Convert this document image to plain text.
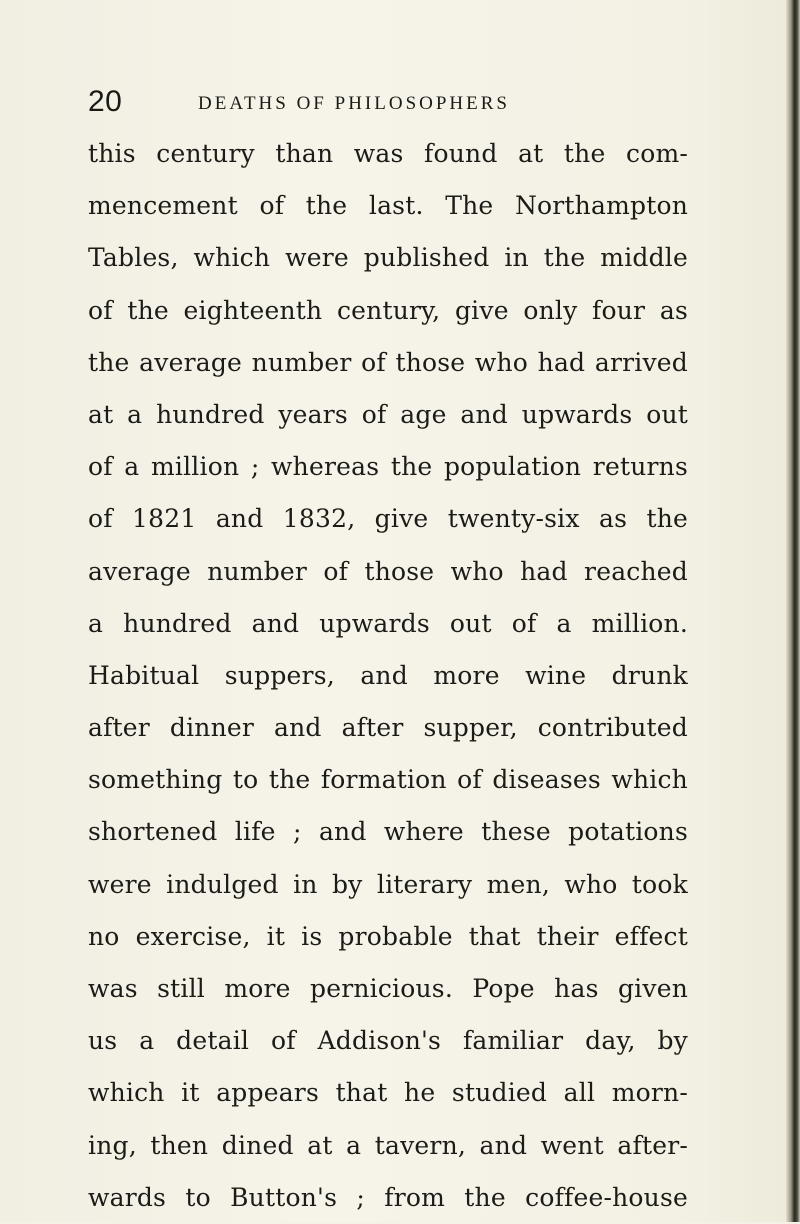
20	DEATHS OF PHILOSOPHERS
this century than was found at the com-
mencement of the last. The Northampton
Tables, which were published in the middle
of the eighteenth century, give only four as
the average number of those who had arrived
at a hundred years of age and upwards out
of a million ; whereas the population returns
of 1821 and 1832, give twenty-six as the
average number of those who had reached
a hundred and upwards out of a million.
Habitual suppers, and more wine drunk
after dinner and after supper, contributed
something to the formation of diseases which
shortened life ; and where these potations
were indulged in by literary men, who took
no exercise, it is probable that their effect
was still more pernicious. Pope has given
us a detail of Addison's familiar day, by
which it appears that he studied all morn-
ing, then dined at a tavern, and went after-
wards to Button's ; from the coffee-house
